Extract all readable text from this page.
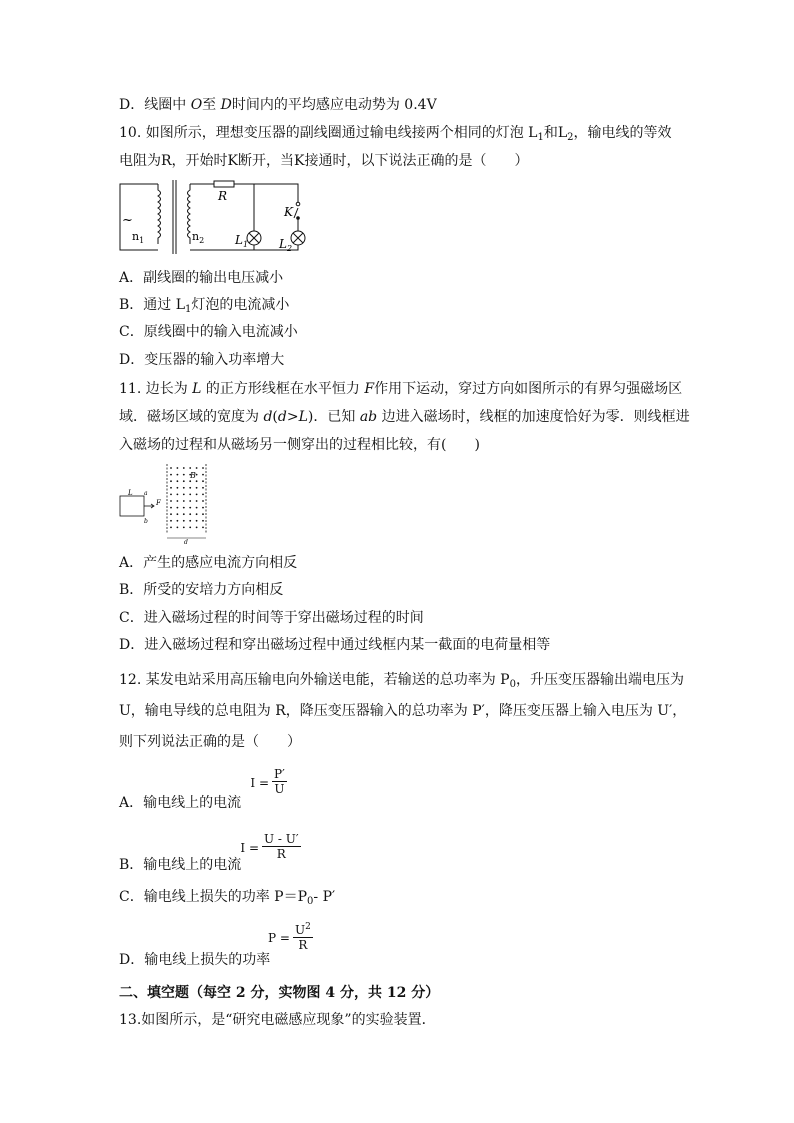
D．线圈中 O至 D时间内的平均感应电动势为 0.4V
10. 如图所示，理想变压器的副线圈通过输电线接两个相同的灯泡 $L_1$和$L_2$，输电线的等效
电阻为R，开始时K断开，当K接通时，以下说法正确的是（　　）
~
$n_1$	$n_2$
R
K
$L_1$	$L_2$
A．副线圈的输出电压减小
B．通过 $L_1$灯泡的电流减小
C．原线圈中的输入电流减小
D．变压器的输入功率增大
11. 边长为 L 的正方形线框在水平恒力 F作用下运动，穿过方向如图所示的有界匀强磁场区
域．磁场区域的宽度为 d(d>L)．已知 ab 边进入磁场时，线框的加速度恰好为零．则线框进
入磁场的过程和从磁场另一侧穿出的过程相比较，有(　　)
L a
b
F
B
d
A．产生的感应电流方向相反
B．所受的安培力方向相反
C．进入磁场过程的时间等于穿出磁场过程的时间
D．进入磁场过程和穿出磁场过程中通过线框内某一截面的电荷量相等
12. 某发电站采用高压输电向外输送电能，若输送的总功率为 $P_0$，升压变压器输出端电压为
U，输电导线的总电阻为 R，降压变压器输入的总功率为 P′，降压变压器上输入电压为 U′，
则下列说法正确的是（　　）
A．输电线上的电流
I =
P′
U
B．输电线上的电流
I =
U - U′
R
C．输电线上损失的功率 $P=P_0-$ P′
D．输电线上损失的功率
P =
$U^2$
R
二、填空题（每空 2 分，实物图 4 分，共 12 分）
13.如图所示，是“研究电磁感应现象”的实验装置．
